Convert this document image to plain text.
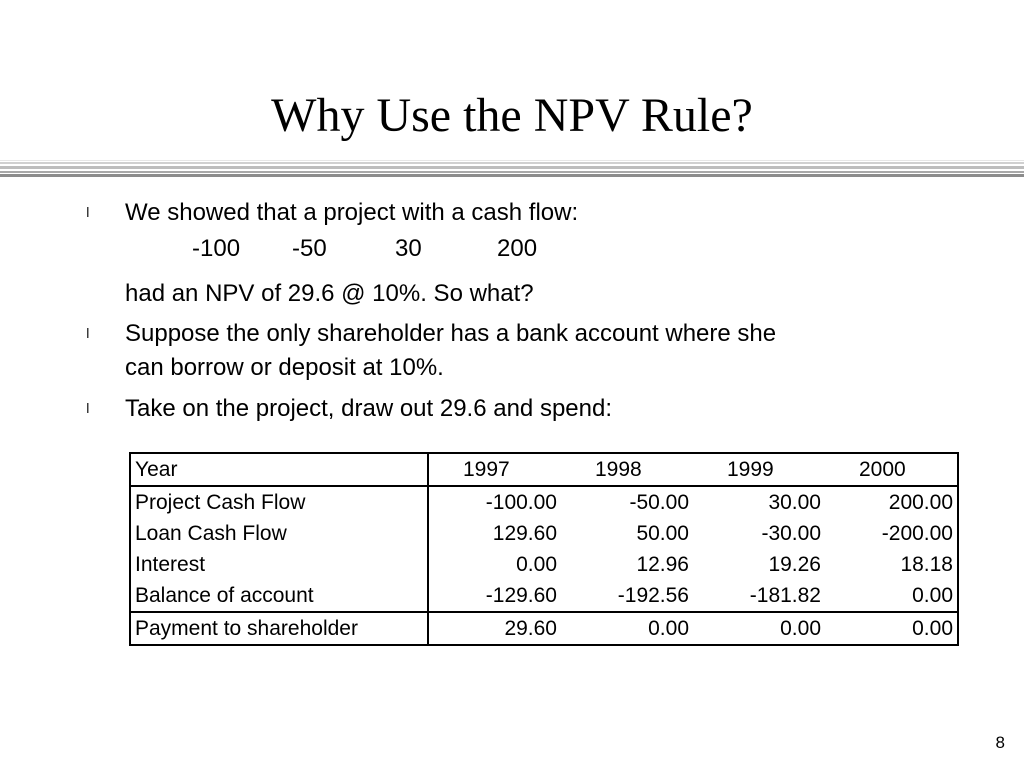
Why Use the NPV Rule?
l We showed that a project with a cash flow:
-100 -50	30	200
had an NPV of 29.6 @ 10%. So what?
l Suppose the only shareholder has a bank account where she
can borrow or deposit at 10%.
l Take on the project, draw out 29.6 and spend:
Year	1997	1998	1999	2000
Project Cash Flow	-100.00	-50.00	30.00	200.00
Loan Cash Flow	129.60	50.00	-30.00	-200.00
Interest	0.00	12.96	19.26	18.18
Balance of account	-129.60	-192.56	-181.82	0.00
Payment to shareholder	29.60	0.00	0.00	0.00
8
